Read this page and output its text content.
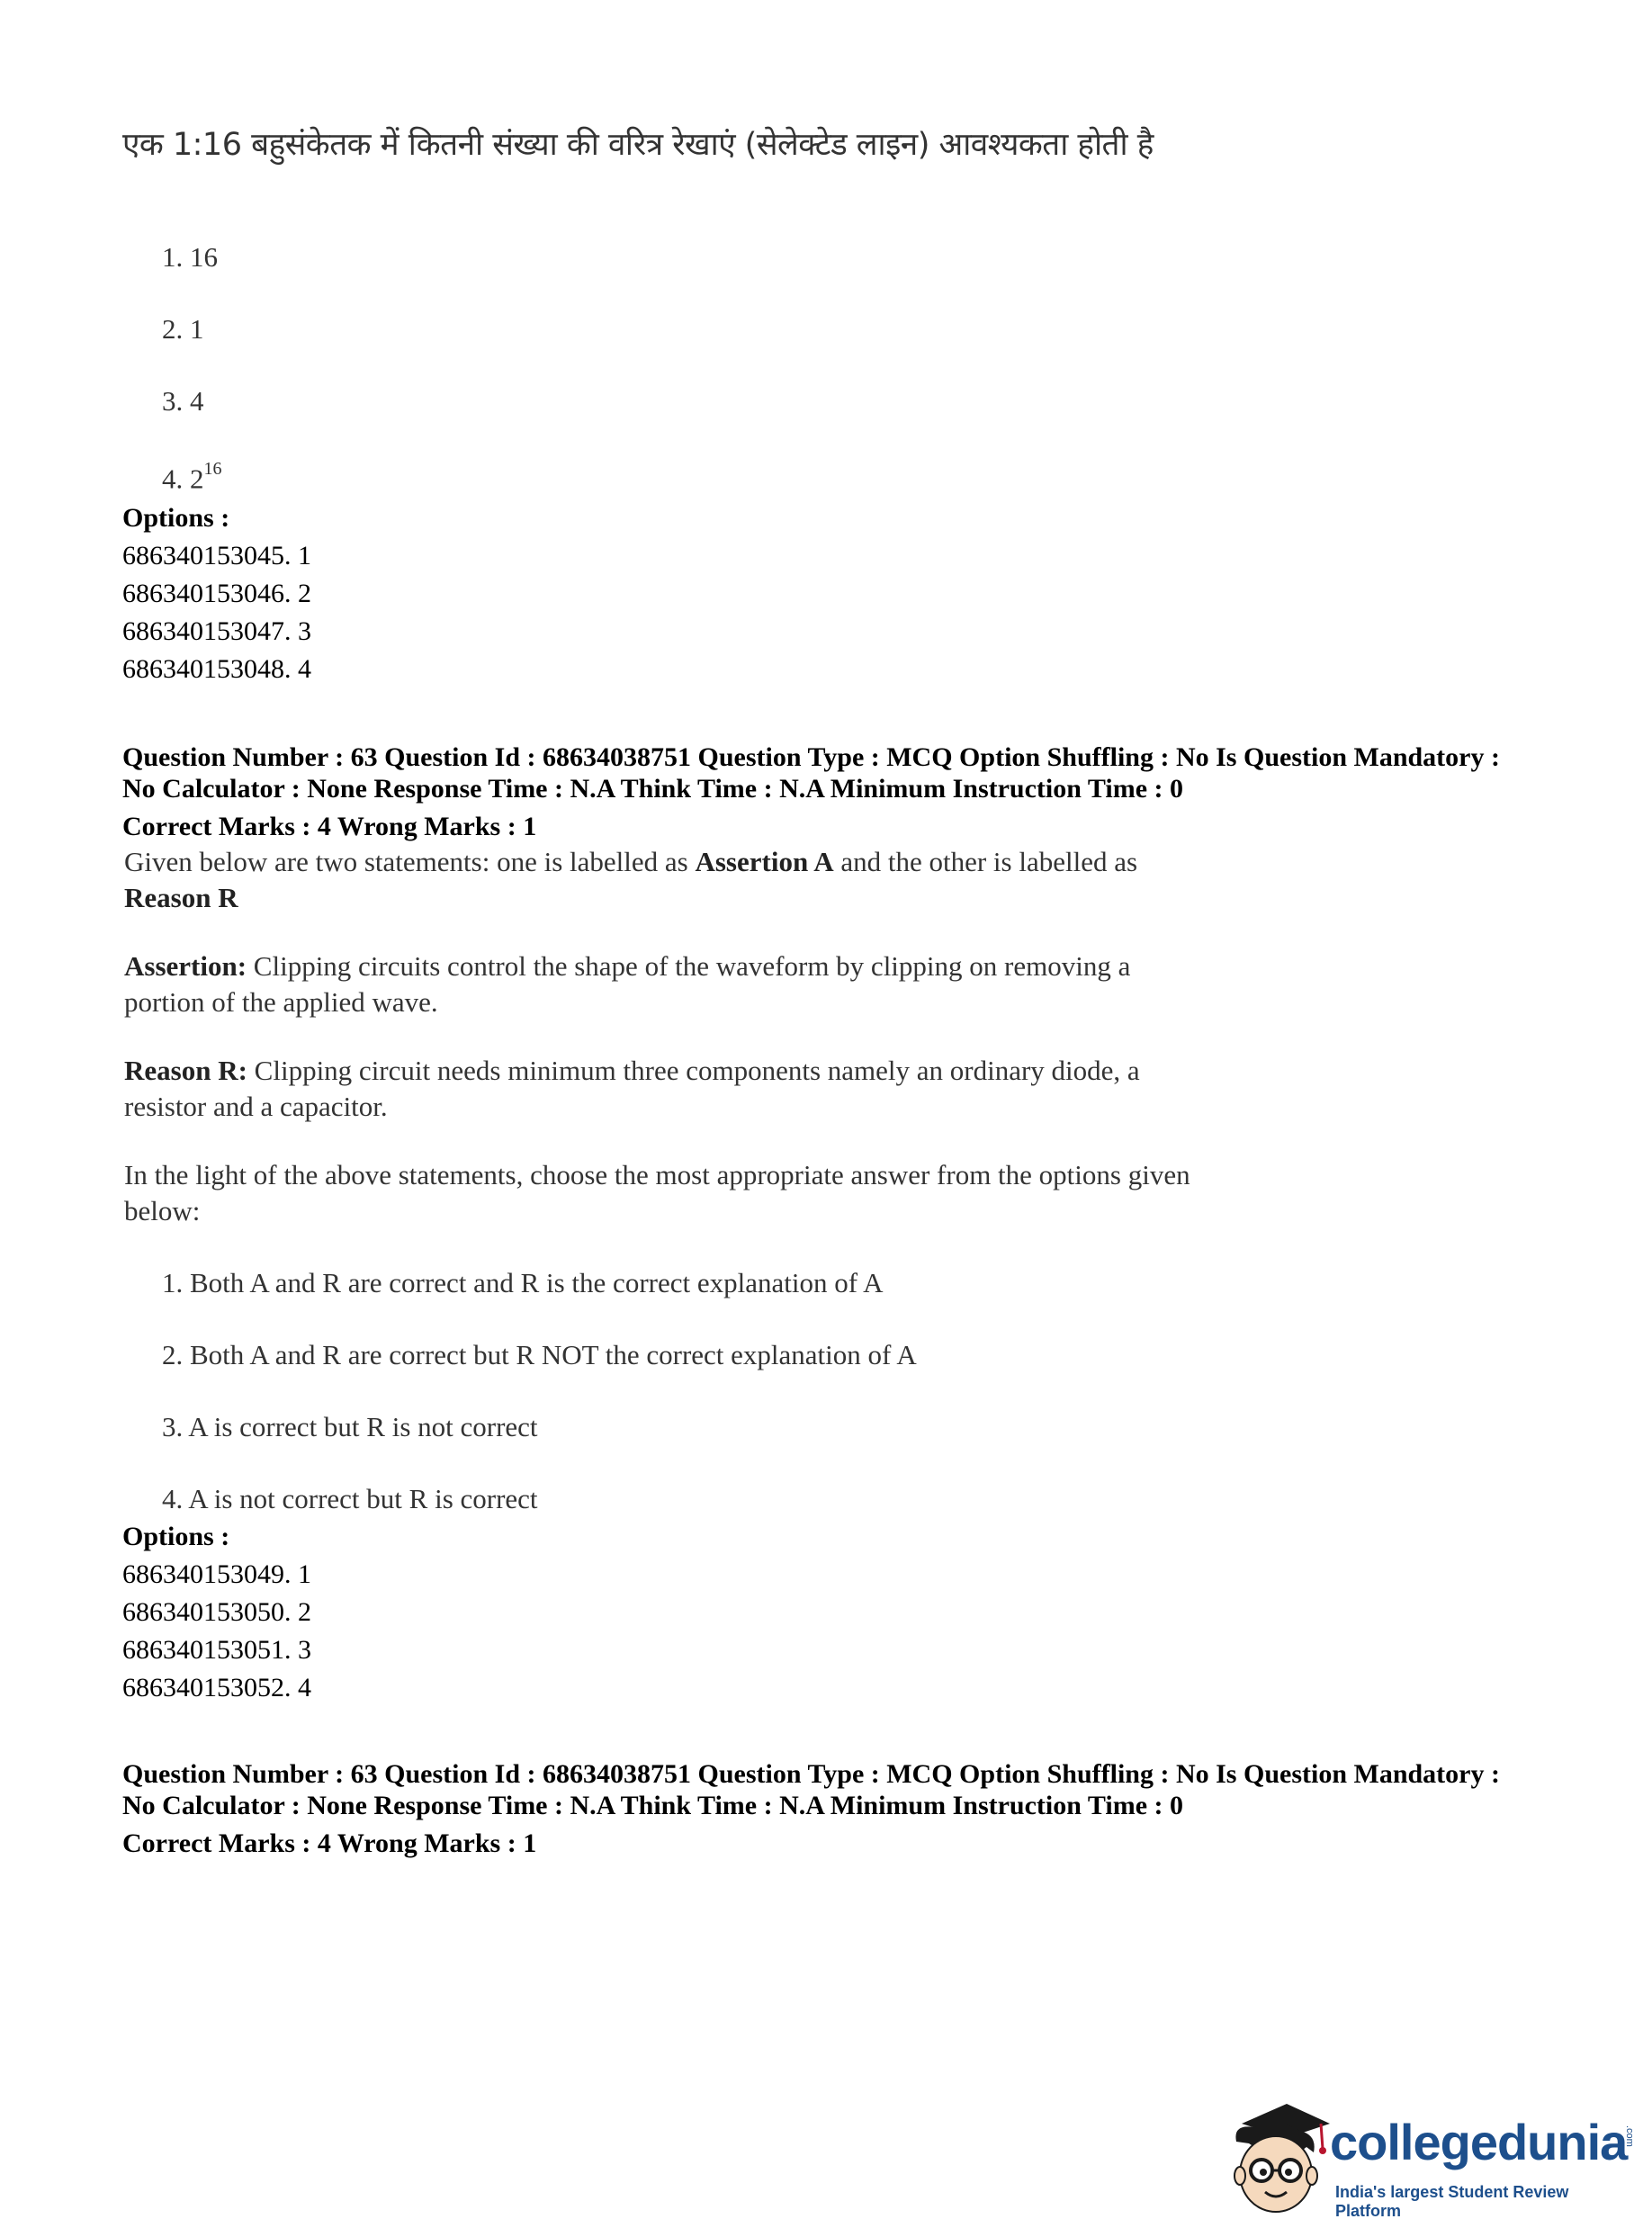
एक 1:16 बहुसंकेतक में कितनी संख्या की वरित्र रेखाएं (सेलेक्टेड लाइन) आवश्यकता होती है
1. 16
2. 1
3. 4
4. $2^{16}$
Options :
686340153045. 1
686340153046. 2
686340153047. 3
686340153048. 4
Question Number : 63 Question Id : 68634038751 Question Type : MCQ Option Shuffling : No Is Question Mandatory :
No Calculator : None Response Time : N.A Think Time : N.A Minimum Instruction Time : 0
Correct Marks : 4 Wrong Marks : 1
Given below are two statements: one is labelled as Assertion A and the other is labelled as Reason R
Assertion: Clipping circuits control the shape of the waveform by clipping on removing a portion of the applied wave.
Reason R: Clipping circuit needs minimum three components namely an ordinary diode, a resistor and a capacitor.
In the light of the above statements, choose the most appropriate answer from the options given below:
1. Both A and R are correct and R is the correct explanation of A
2. Both A and R are correct but R NOT the correct explanation of A
3. A is correct but R is not correct
4. A is not correct but R is correct
Options :
686340153049. 1
686340153050. 2
686340153051. 3
686340153052. 4
Question Number : 63 Question Id : 68634038751 Question Type : MCQ Option Shuffling : No Is Question Mandatory :
No Calculator : None Response Time : N.A Think Time : N.A Minimum Instruction Time : 0
Correct Marks : 4 Wrong Marks : 1
collegedunia
.com
India's largest Student Review Platform
